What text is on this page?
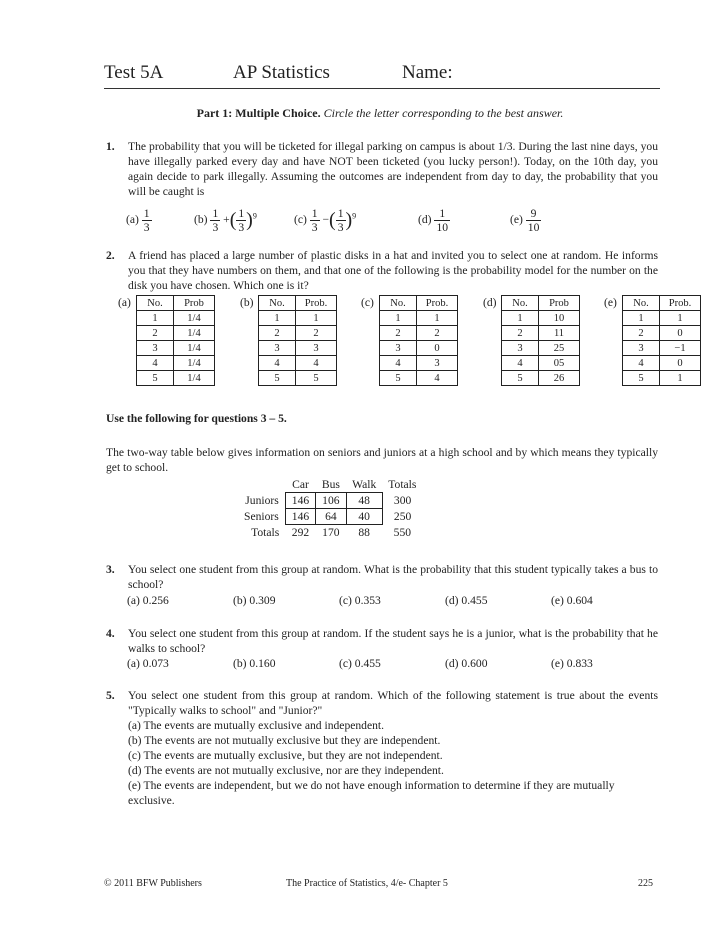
Test 5A	AP Statistics	Name:
Part 1: Multiple Choice. Circle the letter corresponding to the best answer.
1. The probability that you will be ticketed for illegal parking on campus is about 1/3. During the last nine days, you have illegally parked every day and have NOT been ticketed (you lucky person!). Today, on the 10th day, you again decide to park illegally. Assuming the outcomes are independent from day to day, the probability that you will be caught is
$(a) \frac{1}{3}$	$(b) \frac{1}{3}$ +( $\frac{1}{3} )^9$	$(c) \frac{1}{3}$ −( $\frac{1}{3} )^9$	$(d) \frac{1}{10}$	$(e) \frac{9}{10}$
2. A friend has placed a large number of plastic disks in a hat and invited you to select one at random. He informs you that they have numbers on them, and that one of the following is the probability model for the number on the disk you have chosen. Which one is it?
(a) No.	Prob
1	1/4
2	1/4
3	1/4
4	1/4
5	1/4
(b) No.	Prob.
1	1
2	2
3	3
4	4
5	5
(c) No.	Prob.
1	1
2	2
3	0
4	3
5	4
(d) No.	Prob
1	10
2	11
3	25
4	05
5	26
(e) No.	Prob.
1	1
2	0
3	−1
4	0
5	1
Use the following for questions 3 – 5.
The two-way table below gives information on seniors and juniors at a high school and by which means they typically get to school.
	Car	Bus	Walk	Totals
Juniors	146	106	48	300
Seniors	146	64	40	250
Totals	292	170	88	550
3. You select one student from this group at random. What is the probability that this student typically takes a bus to school?
(a) 0.256	(b) 0.309	(c) 0.353	(d) 0.455	(e) 0.604
4. You select one student from this group at random. If the student says he is a junior, what is the probability that he walks to school?
(a) 0.073	(b) 0.160	(c) 0.455	(d) 0.600	(e) 0.833
5. You select one student from this group at random. Which of the following statement is true about the events "Typically walks to school" and "Junior?"
(a) The events are mutually exclusive and independent.
(b) The events are not mutually exclusive but they are independent.
(c) The events are mutually exclusive, but they are not independent.
(d) The events are not mutually exclusive, nor are they independent.
(e) The events are independent, but we do not have enough information to determine if they are mutually exclusive.
© 2011 BFW Publishers	The Practice of Statistics, 4/e- Chapter 5	225
